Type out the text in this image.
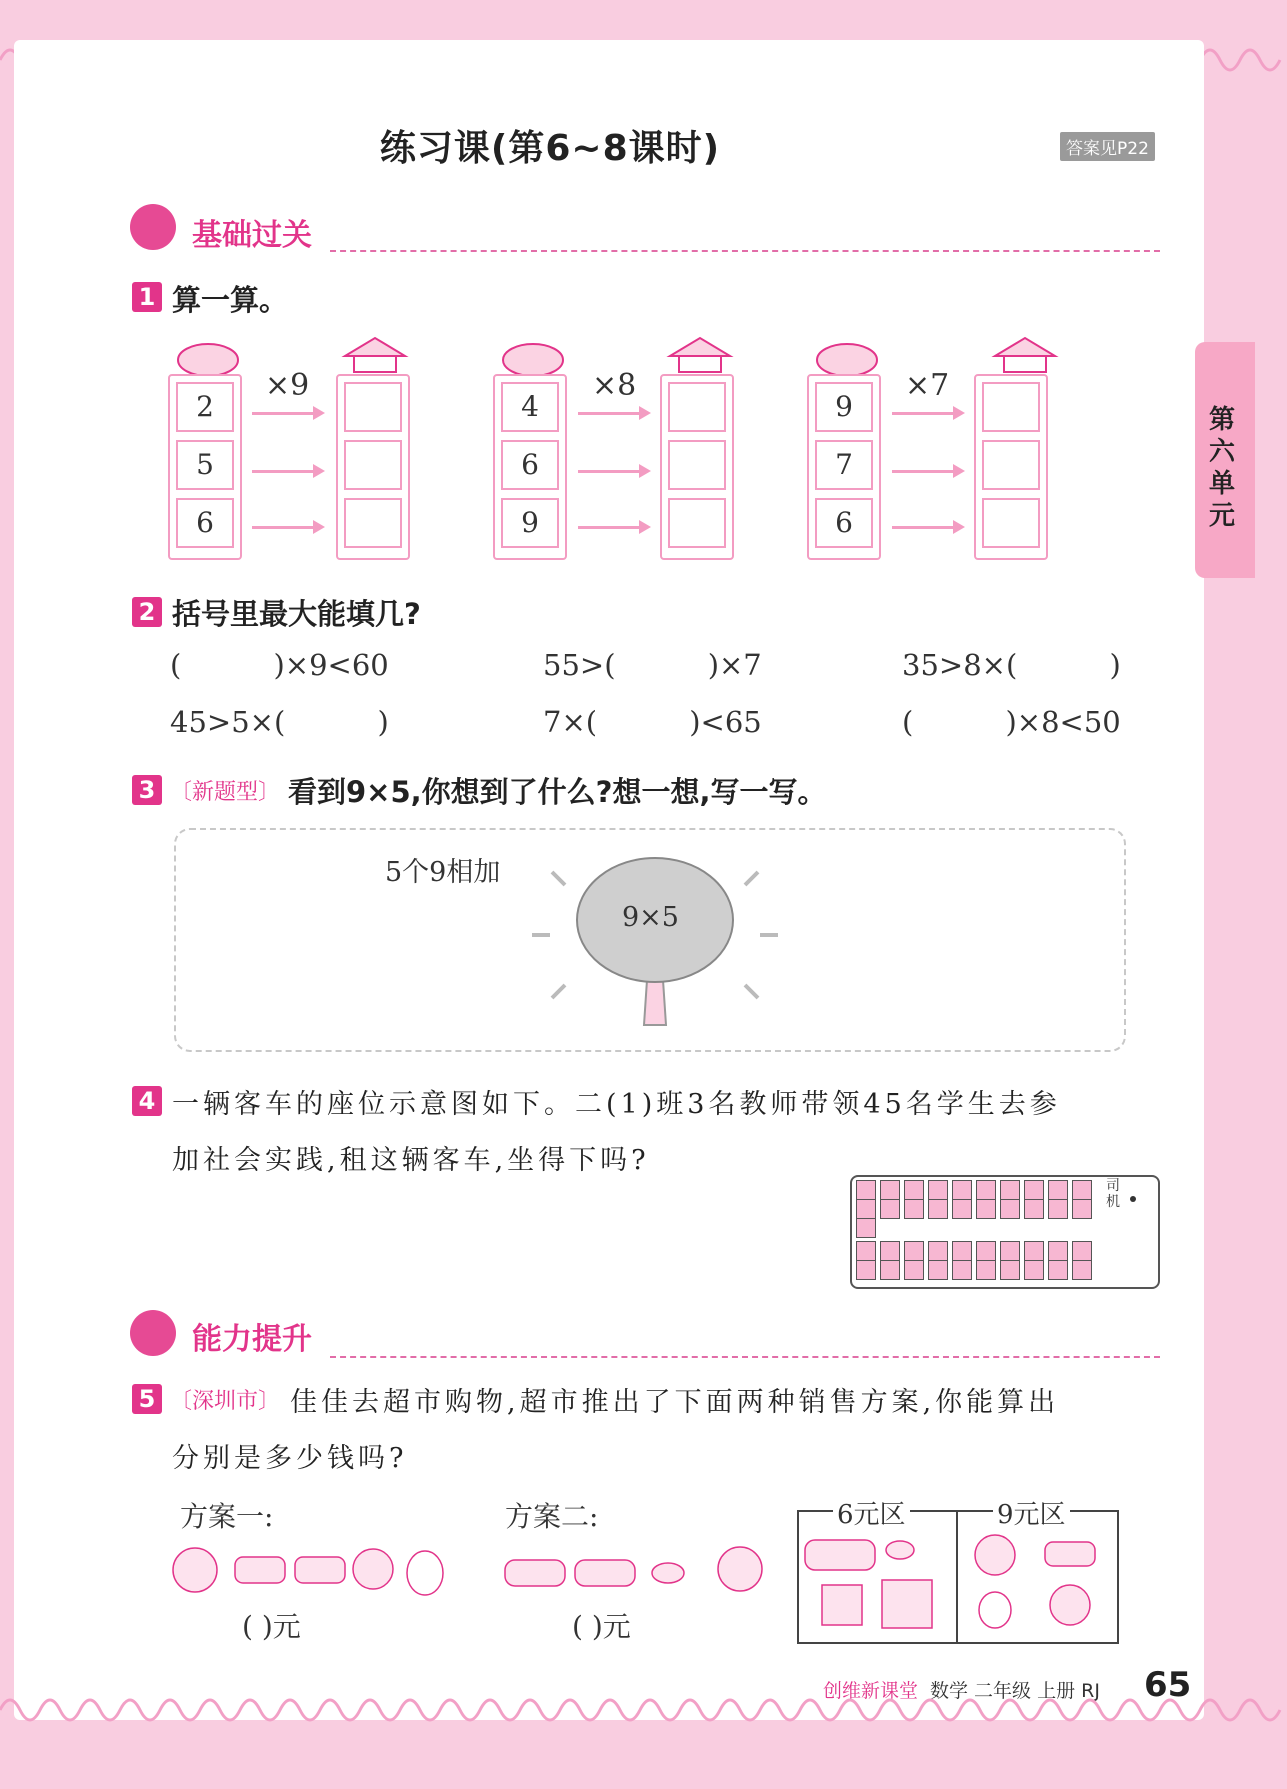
练习课(第6~8课时)	答案见P22
第六单元
基础过关
1 算一算。
2
5
6
×9
4
6
9
×8
9
7
6
×7
2 括号里最大能填几?
(          )×9<60	55>(          )×7	35>8×(          )
45>5×(          )	7×(          )<65	(          )×8<50
3 〔新题型〕 看到9×5,你想到了什么?想一想,写一写。
5个9相加
9×5
4 一辆客车的座位示意图如下。二(1)班3名教师带领45名学生去参
加社会实践,租这辆客车,坐得下吗?
司机
能力提升
5 〔深圳市〕 佳佳去超市购物,超市推出了下面两种销售方案,你能算出
分别是多少钱吗?
方案一:
( )元
方案二:
( )元
6元区	9元区
创维新课堂 数学 二年级 上册 RJ 65
